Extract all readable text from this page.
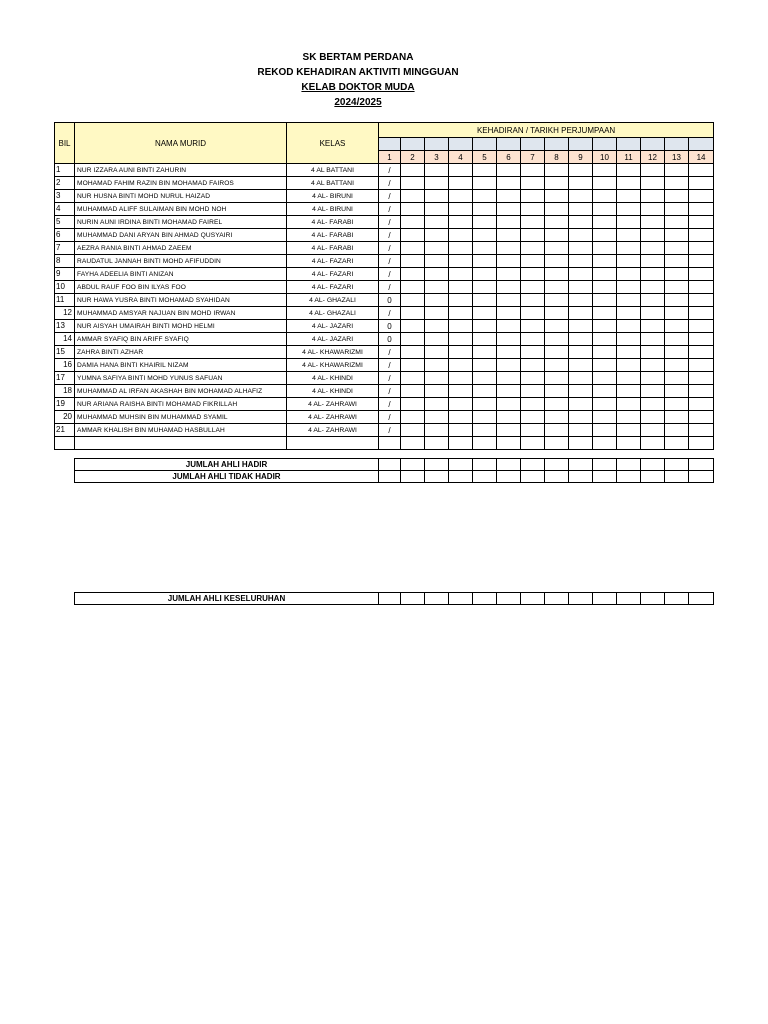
SK BERTAM PERDANA
REKOD KEHADIRAN AKTIVITI MINGGUAN
KELAB DOKTOR MUDA
2024/2025
BIL	NAMA MURID	KELAS	KEHADIRAN / TARIKH PERJUMPAAN													

			1	2	3	4	5	6	7	8	9	10	11	12	13	14
1	NUR IZZARA AUNI BINTI ZAHURIN	4 AL BATTANI	/													
2	MOHAMAD FAHIM RAZIN BIN MOHAMAD FAIROS	4 AL BATTANI	/													
3	NUR HUSNA BINTI MOHD NURUL HAIZAD	4 AL- BIRUNI	/													
4	MUHAMMAD ALIFF SULAIMAN BIN MOHD NOH	4 AL- BIRUNI	/													
5	NURIN AUNI IRDINA BINTI MOHAMAD FAIREL	4 AL- FARABI	/													
6	MUHAMMAD DANI ARYAN BIN AHMAD QUSYAIRI	4 AL- FARABI	/													
7	AEZRA RANIA BINTI AHMAD ZAEEM	4 AL- FARABI	/													
8	RAUDATUL JANNAH BINTI MOHD AFIFUDDIN	4 AL- FAZARI	/													
9	FAYHA ADEELIA BINTI ANIZAN	4 AL- FAZARI	/													
10	ABDUL RAUF FOO BIN ILYAS FOO	4 AL- FAZARI	/													
11	NUR HAWA YUSRA BINTI MOHAMAD SYAHIDAN	4 AL- GHAZALI	0													
12	MUHAMMAD AMSYAR NAJUAN BIN MOHD IRWAN	4 AL- GHAZALI	/													
13	NUR AISYAH UMAIRAH BINTI MOHD HELMI	4 AL- JAZARI	0													
14	AMMAR SYAFIQ BIN ARIFF SYAFIQ	4 AL- JAZARI	0													
15	ZAHRA BINTI AZHAR	4 AL- KHAWARIZMI	/													
16	DAMIA HANA BINTI KHAIRIL NIZAM	4 AL- KHAWARIZMI	/													
17	YUMNA SAFIYA BINTI MOHD YUNUS SAFUAN	4 AL- KHINDI	/													
18	MUHAMMAD AL IRFAN AKASHAH BIN MOHAMAD ALHAFIZ	4 AL- KHINDI	/													
19	NUR ARIANA RAISHA BINTI MOHAMAD FIKRILLAH	4 AL- ZAHRAWI	/													
20	MUHAMMAD MUHSIN BIN MUHAMMAD SYAMIL	4 AL- ZAHRAWI	/													
21	AMMAR KHALISH BIN MUHAMAD HASBULLAH	4 AL- ZAHRAWI	/													

JUMLAH AHLI HADIR														
JUMLAH AHLI TIDAK HADIR														
JUMLAH AHLI KESELURUHAN														
